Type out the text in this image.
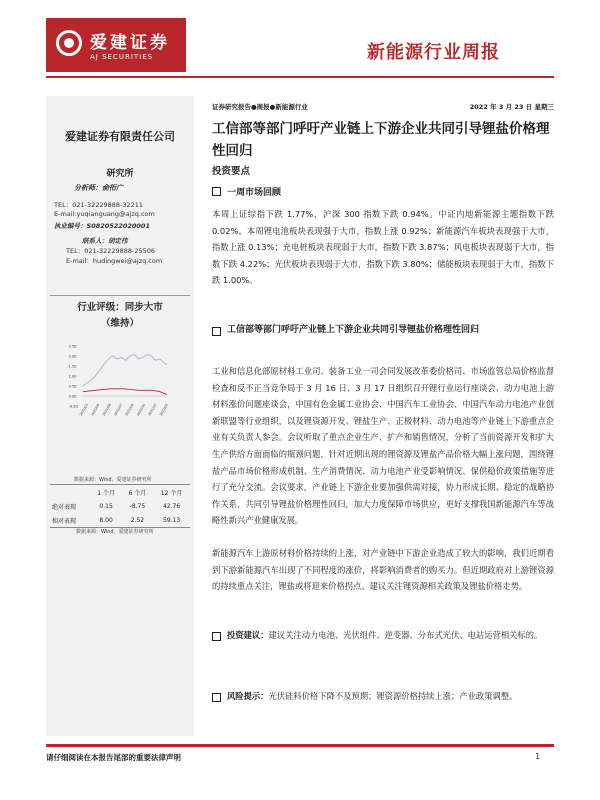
爱建证券
AJ SECURITIES	新能源行业周报
爱建证券有限责任公司
研究所
分析师：俞衎广
TEL：021-32229888-32211
E-mail:yuqianguang@ajzq.com
执业编号：S0820522020001
联系人：胡定伟
TEL：021-32229888-25506
E-mail：hudingwei@ajzq.com
行业评级：同步大市
（维持）
2.50
2.00
1.50
1.00
0.50
0.00
-0.50 2021/03 2021/04 2021/06 2021/07 2021/09 2021/10 2021/12 2022/02
数据来源：Wind，爱建证券研究所
	1 个月	6 个月	12 个月
绝对表现	0.15	-8.75	42.76
相对表现	8.00	2.52	59.13
数据来源：Wind，爱建证券研究所
证券研究报告●周报●新能源行业	2022 年 3 月 23 日 星期三
工信部等部门呼吁产业链上下游企业共同引导锂盐价格理性回归
投资要点
一周市场回顾
本周上证综指下跌 1.77%，沪深 300 指数下跌 0.94%。中证内地新能源主题指数下跌 0.02%。本周锂电池板块表现强于大市，指数上涨 0.92%；新能源汽车板块表现强于大市，指数上涨 0.13%；充电桩板块表现弱于大市，指数下跌 3.87%；风电板块表现弱于大市，指数下跌 4.22%；光伏板块表现弱于大市，指数下跌 3.80%；储能板块表现弱于大市，指数下跌 1.00%。
工信部等部门呼吁产业链上下游企业共同引导锂盐价格理性回归
工业和信息化部原材料工业司、装备工业一司会同发展改革委价格司、市场监管总局价格监督检查和反不正当竞争局于 3 月 16 日、3 月 17 日组织召开锂行业运行座谈会、动力电池上游材料涨价问题座谈会，中国有色金属工业协会、中国汽车工业协会、中国汽车动力电池产业创新联盟等行业组织，以及锂资源开发、锂盐生产、正极材料、动力电池等产业链上下游重点企业有关负责人参会。会议听取了重点企业生产、扩产和销售情况，分析了当前资源开发和扩大生产供给方面面临的瓶颈问题，针对近期出现的锂资源及锂盐产品价格大幅上涨问题，围绕锂盐产品市场价格形成机制、生产消费情况、动力电池产业受影响情况、保供稳价政策措施等进行了充分交流。会议要求，产业链上下游企业要加强供需对接，协力形成长期、稳定的战略协作关系，共同引导锂盐价格理性回归，加大力度保障市场供应，更好支撑我国新能源汽车等战略性新兴产业健康发展。
新能源汽车上游原材料价格持续的上涨，对产业链中下游企业造成了较大的影响，我们近期看到下游新能源汽车出现了不同程度的涨价，将影响消费者的购买力。但近期政府对上游锂资源的持续重点关注，锂盐或将迎来价格拐点。建议关注锂资源相关政策及锂盐价格走势。
投资建议：建议关注动力电池、光伏组件、逆变器、分布式光伏、电站运营相关标的。
风险提示：光伏硅料价格下降不及预期；锂资源价格持续上涨；产业政策调整。
请仔细阅读在本报告尾部的重要法律声明	1
